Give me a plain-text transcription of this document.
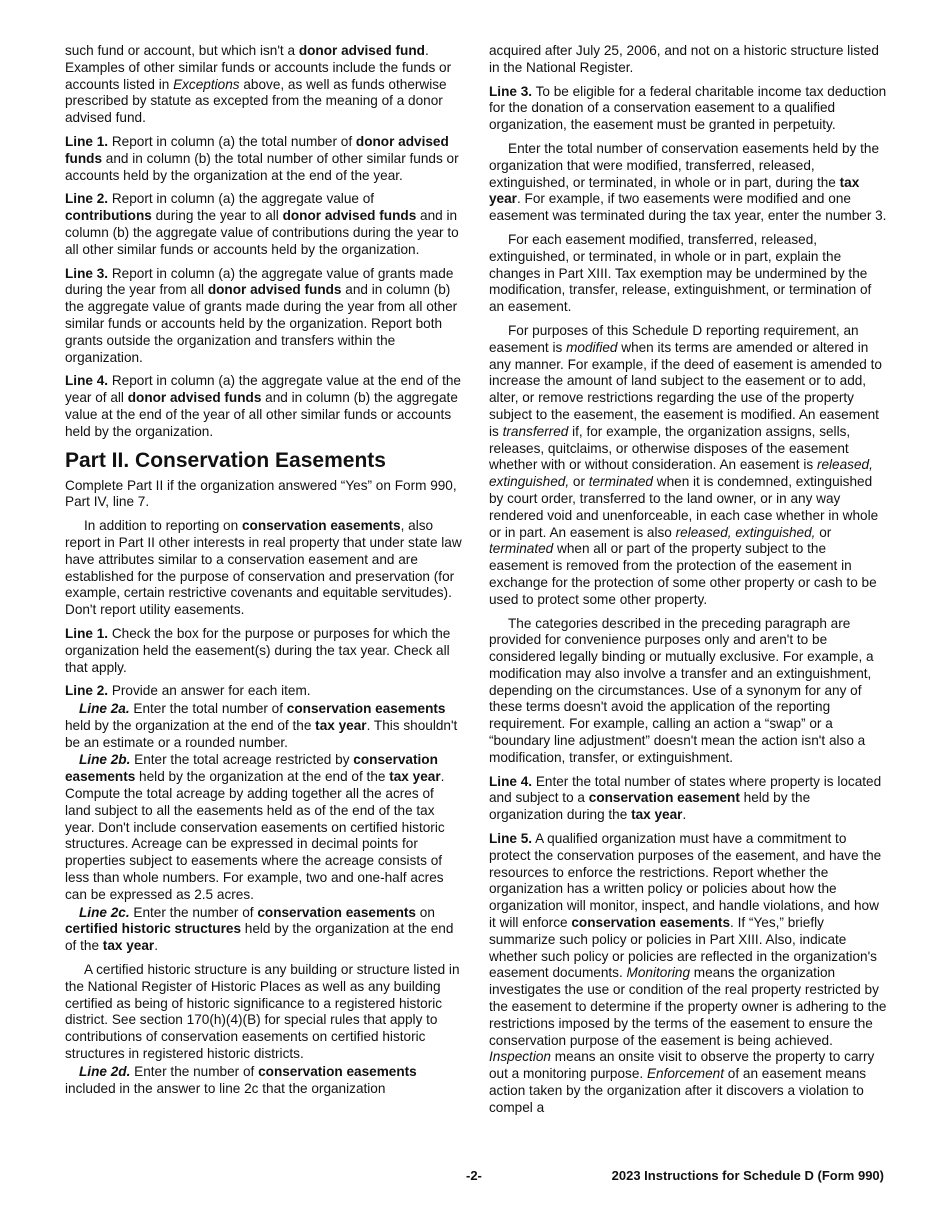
such fund or account, but which isn't a donor advised fund. Examples of other similar funds or accounts include the funds or accounts listed in Exceptions above, as well as funds otherwise prescribed by statute as excepted from the meaning of a donor advised fund.

Line 1. Report in column (a) the total number of donor advised funds and in column (b) the total number of other similar funds or accounts held by the organization at the end of the year.

Line 2. Report in column (a) the aggregate value of contributions during the year to all donor advised funds and in column (b) the aggregate value of contributions during the year to all other similar funds or accounts held by the organization.

Line 3. Report in column (a) the aggregate value of grants made during the year from all donor advised funds and in column (b) the aggregate value of grants made during the year from all other similar funds or accounts held by the organization. Report both grants outside the organization and transfers within the organization.

Line 4. Report in column (a) the aggregate value at the end of the year of all donor advised funds and in column (b) the aggregate value at the end of the year of all other similar funds or accounts held by the organization.

Part II. Conservation Easements

Complete Part II if the organization answered “Yes” on Form 990, Part IV, line 7.

In addition to reporting on conservation easements, also report in Part II other interests in real property that under state law have attributes similar to a conservation easement and are established for the purpose of conservation and preservation (for example, certain restrictive covenants and equitable servitudes). Don't report utility easements.

Line 1. Check the box for the purpose or purposes for which the organization held the easement(s) during the tax year. Check all that apply.

Line 2. Provide an answer for each item.

Line 2a. Enter the total number of conservation easements held by the organization at the end of the tax year. This shouldn't be an estimate or a rounded number.

Line 2b. Enter the total acreage restricted by conservation easements held by the organization at the end of the tax year. Compute the total acreage by adding together all the acres of land subject to all the easements held as of the end of the tax year. Don't include conservation easements on certified historic structures. Acreage can be expressed in decimal points for properties subject to easements where the acreage consists of less than whole numbers. For example, two and one-half acres can be expressed as 2.5 acres.

Line 2c. Enter the number of conservation easements on certified historic structures held by the organization at the end of the tax year.

A certified historic structure is any building or structure listed in the National Register of Historic Places as well as any building certified as being of historic significance to a registered historic district. See section 170(h)(4)(B) for special rules that apply to contributions of conservation easements on certified historic structures in registered historic districts.

Line 2d. Enter the number of conservation easements included in the answer to line 2c that the organization

acquired after July 25, 2006, and not on a historic structure listed in the National Register.

Line 3. To be eligible for a federal charitable income tax deduction for the donation of a conservation easement to a qualified organization, the easement must be granted in perpetuity.

Enter the total number of conservation easements held by the organization that were modified, transferred, released, extinguished, or terminated, in whole or in part, during the tax year. For example, if two easements were modified and one easement was terminated during the tax year, enter the number 3.

For each easement modified, transferred, released, extinguished, or terminated, in whole or in part, explain the changes in Part XIII. Tax exemption may be undermined by the modification, transfer, release, extinguishment, or termination of an easement.

For purposes of this Schedule D reporting requirement, an easement is modified when its terms are amended or altered in any manner. For example, if the deed of easement is amended to increase the amount of land subject to the easement or to add, alter, or remove restrictions regarding the use of the property subject to the easement, the easement is modified. An easement is transferred if, for example, the organization assigns, sells, releases, quitclaims, or otherwise disposes of the easement whether with or without consideration. An easement is released, extinguished, or terminated when it is condemned, extinguished by court order, transferred to the land owner, or in any way rendered void and unenforceable, in each case whether in whole or in part. An easement is also released, extinguished, or terminated when all or part of the property subject to the easement is removed from the protection of the easement in exchange for the protection of some other property or cash to be used to protect some other property.

The categories described in the preceding paragraph are provided for convenience purposes only and aren't to be considered legally binding or mutually exclusive. For example, a modification may also involve a transfer and an extinguishment, depending on the circumstances. Use of a synonym for any of these terms doesn't avoid the application of the reporting requirement. For example, calling an action a “swap” or a “boundary line adjustment” doesn't mean the action isn't also a modification, transfer, or extinguishment.

Line 4. Enter the total number of states where property is located and subject to a conservation easement held by the organization during the tax year.

Line 5. A qualified organization must have a commitment to protect the conservation purposes of the easement, and have the resources to enforce the restrictions. Report whether the organization has a written policy or policies about how the organization will monitor, inspect, and handle violations, and how it will enforce conservation easements. If “Yes,” briefly summarize such policy or policies in Part XIII. Also, indicate whether such policy or policies are reflected in the organization's easement documents. Monitoring means the organization investigates the use or condition of the real property restricted by the easement to determine if the property owner is adhering to the restrictions imposed by the terms of the easement to ensure the conservation purpose of the easement is being achieved. Inspection means an onsite visit to observe the property to carry out a monitoring purpose. Enforcement of an easement means action taken by the organization after it discovers a violation to compel a

-2-	2023 Instructions for Schedule D (Form 990)
